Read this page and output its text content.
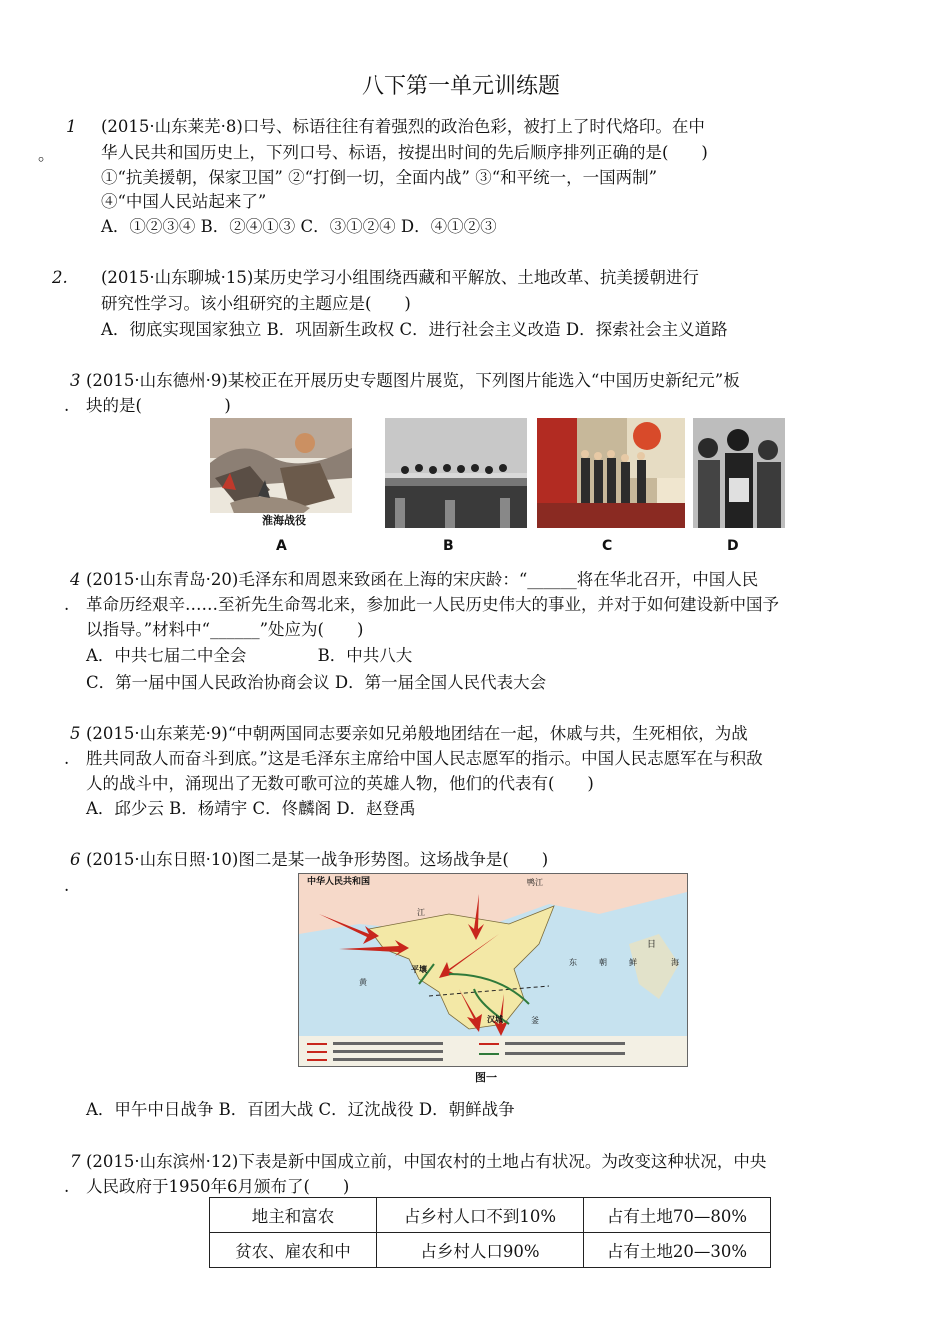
八下第一单元训练题
1
。
(2015·山东莱芜·8)口号、标语往往有着强烈的政治色彩，被打上了时代烙印。在中
华人民共和国历史上，下列口号、标语，按提出时间的先后顺序排列正确的是(　　)
①“抗美援朝，保家卫国” ②“打倒一切，全面内战” ③“和平统一，一国两制”
④“中国人民站起来了”
A．①②③④ B．②④①③ C．③①②④ D．④①②③
2. (2015·山东聊城·15)某历史学习小组围绕西藏和平解放、土地改革、抗美援朝进行
研究性学习。该小组研究的主题应是(　　)
A．彻底实现国家独立 B．巩固新生政权 C．进行社会主义改造 D．探索社会主义道路
3
.
(2015·山东德州·9)某校正在开展历史专题图片展览，下列图片能选入“中国历史新纪元”板
块的是(　　　　　)
淮海战役
A	B	C	D
4
.
(2015·山东青岛·20)毛泽东和周恩来致函在上海的宋庆龄：“______将在华北召开，中国人民
革命历经艰辛……至祈先生命驾北来，参加此一人民历史伟大的事业，并对于如何建设新中国予
以指导。”材料中“______”处应为(　　)
A．中共七届二中全会　　　　 B．中共八大
C．第一届中国人民政治协商会议 D．第一届全国人民代表大会
5
.
(2015·山东莱芜·9)“中朝两国同志要亲如兄弟般地团结在一起，休戚与共，生死相依，为战
胜共同敌人而奋斗到底。”这是毛泽东主席给中国人民志愿军的指示。中国人民志愿军在与积敌
人的战斗中，涌现出了无数可歌可泣的英雄人物，他们的代表有(　　)
A．邱少云 B．杨靖宇 C．佟麟阁 D．赵登禹
6
.
(2015·山东日照·10)图二是某一战争形势图。这场战争是(　　)
中华人民共和国	鸭江
江
日
东	朝	鲜	海
黄
平壤
汉城	釜
图一
A．甲午中日战争 B．百团大战 C．辽沈战役 D．朝鲜战争
7
.
(2015·山东滨州·12)下表是新中国成立前，中国农村的土地占有状况。为改变这种状况，中央
人民政府于1950年6月颁布了(　　)
地主和富农	占乡村人口不到10%	占有土地70—80%
贫农、雇农和中	占乡村人口90%	占有土地20—30%
